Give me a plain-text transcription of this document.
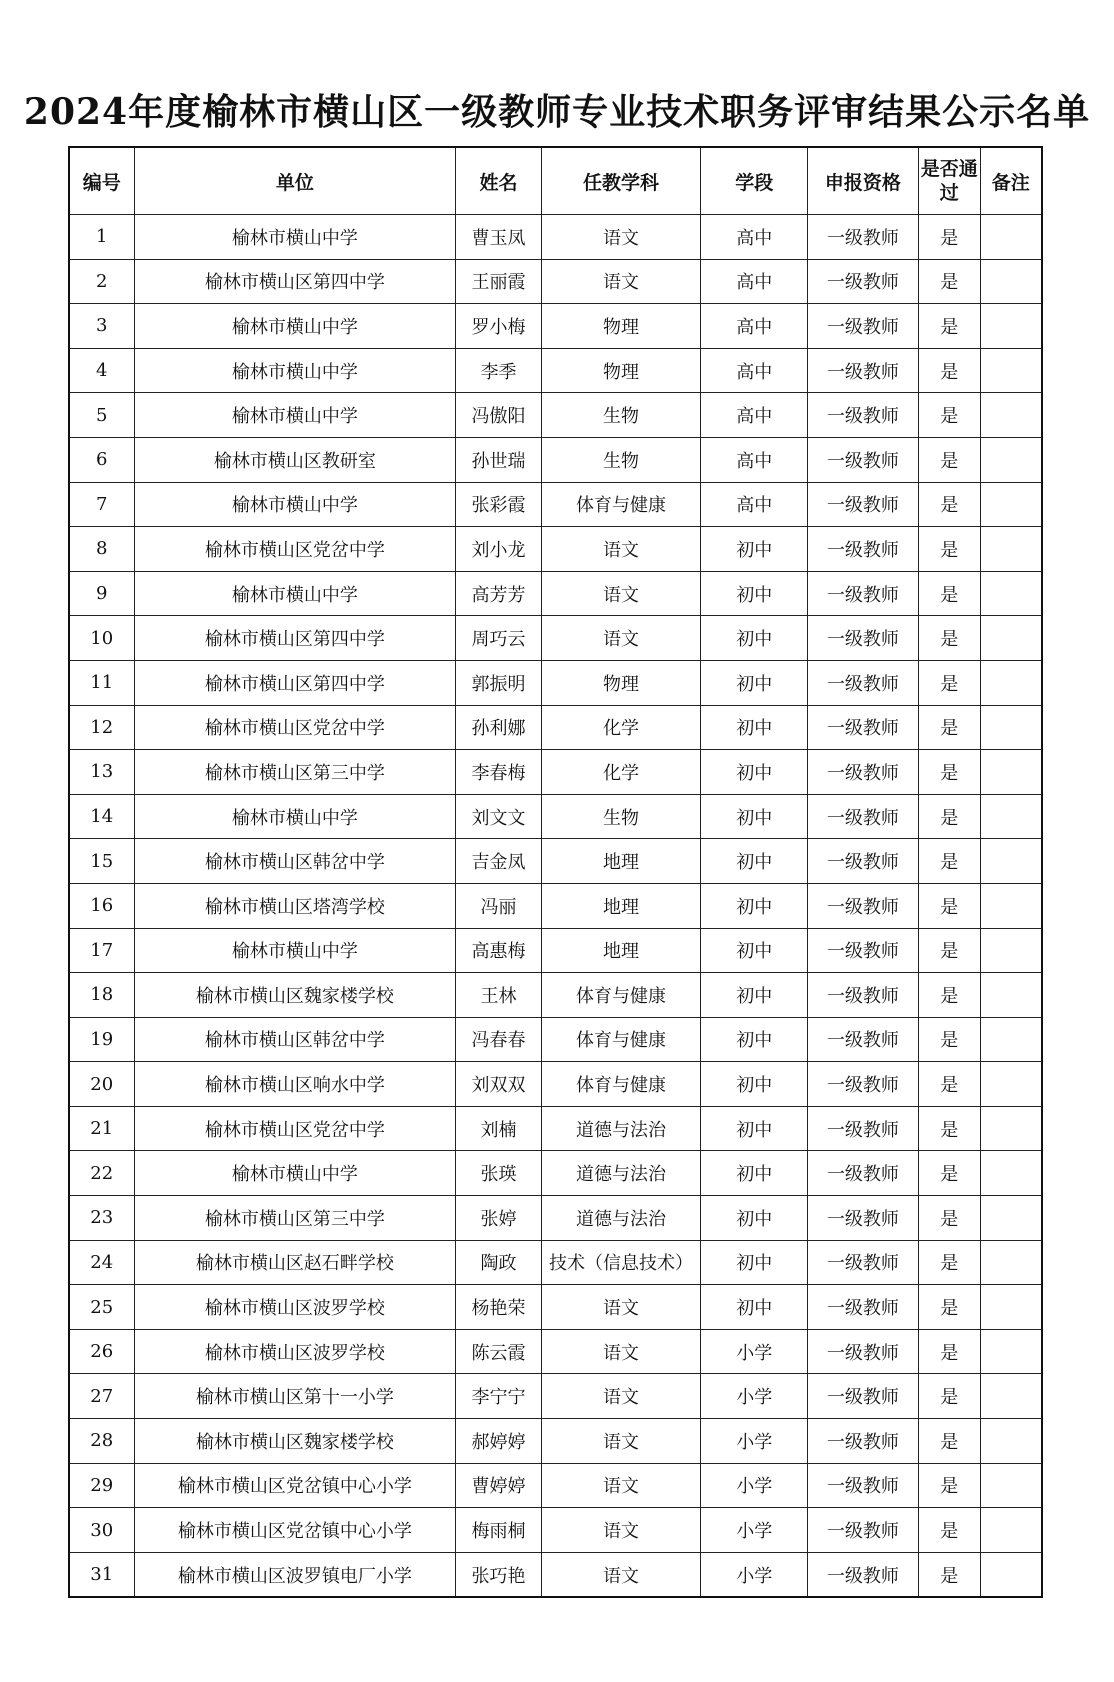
2024年度榆林市横山区一级教师专业技术职务评审结果公示名单
编号	单位	姓名	任教学科	学段	申报资格	是否通过	备注
1	榆林市横山中学	曹玉凤	语文	高中	一级教师	是	
2	榆林市横山区第四中学	王丽霞	语文	高中	一级教师	是	
3	榆林市横山中学	罗小梅	物理	高中	一级教师	是	
4	榆林市横山中学	李季	物理	高中	一级教师	是	
5	榆林市横山中学	冯傲阳	生物	高中	一级教师	是	
6	榆林市横山区教研室	孙世瑞	生物	高中	一级教师	是	
7	榆林市横山中学	张彩霞	体育与健康	高中	一级教师	是	
8	榆林市横山区党岔中学	刘小龙	语文	初中	一级教师	是	
9	榆林市横山中学	高芳芳	语文	初中	一级教师	是	
10	榆林市横山区第四中学	周巧云	语文	初中	一级教师	是	
11	榆林市横山区第四中学	郭振明	物理	初中	一级教师	是	
12	榆林市横山区党岔中学	孙利娜	化学	初中	一级教师	是	
13	榆林市横山区第三中学	李春梅	化学	初中	一级教师	是	
14	榆林市横山中学	刘文文	生物	初中	一级教师	是	
15	榆林市横山区韩岔中学	吉金凤	地理	初中	一级教师	是	
16	榆林市横山区塔湾学校	冯丽	地理	初中	一级教师	是	
17	榆林市横山中学	高惠梅	地理	初中	一级教师	是	
18	榆林市横山区魏家楼学校	王林	体育与健康	初中	一级教师	是	
19	榆林市横山区韩岔中学	冯春春	体育与健康	初中	一级教师	是	
20	榆林市横山区响水中学	刘双双	体育与健康	初中	一级教师	是	
21	榆林市横山区党岔中学	刘楠	道德与法治	初中	一级教师	是	
22	榆林市横山中学	张瑛	道德与法治	初中	一级教师	是	
23	榆林市横山区第三中学	张婷	道德与法治	初中	一级教师	是	
24	榆林市横山区赵石畔学校	陶政	技术（信息技术）	初中	一级教师	是	
25	榆林市横山区波罗学校	杨艳荣	语文	初中	一级教师	是	
26	榆林市横山区波罗学校	陈云霞	语文	小学	一级教师	是	
27	榆林市横山区第十一小学	李宁宁	语文	小学	一级教师	是	
28	榆林市横山区魏家楼学校	郝婷婷	语文	小学	一级教师	是	
29	榆林市横山区党岔镇中心小学	曹婷婷	语文	小学	一级教师	是	
30	榆林市横山区党岔镇中心小学	梅雨桐	语文	小学	一级教师	是	
31	榆林市横山区波罗镇电厂小学	张巧艳	语文	小学	一级教师	是	
